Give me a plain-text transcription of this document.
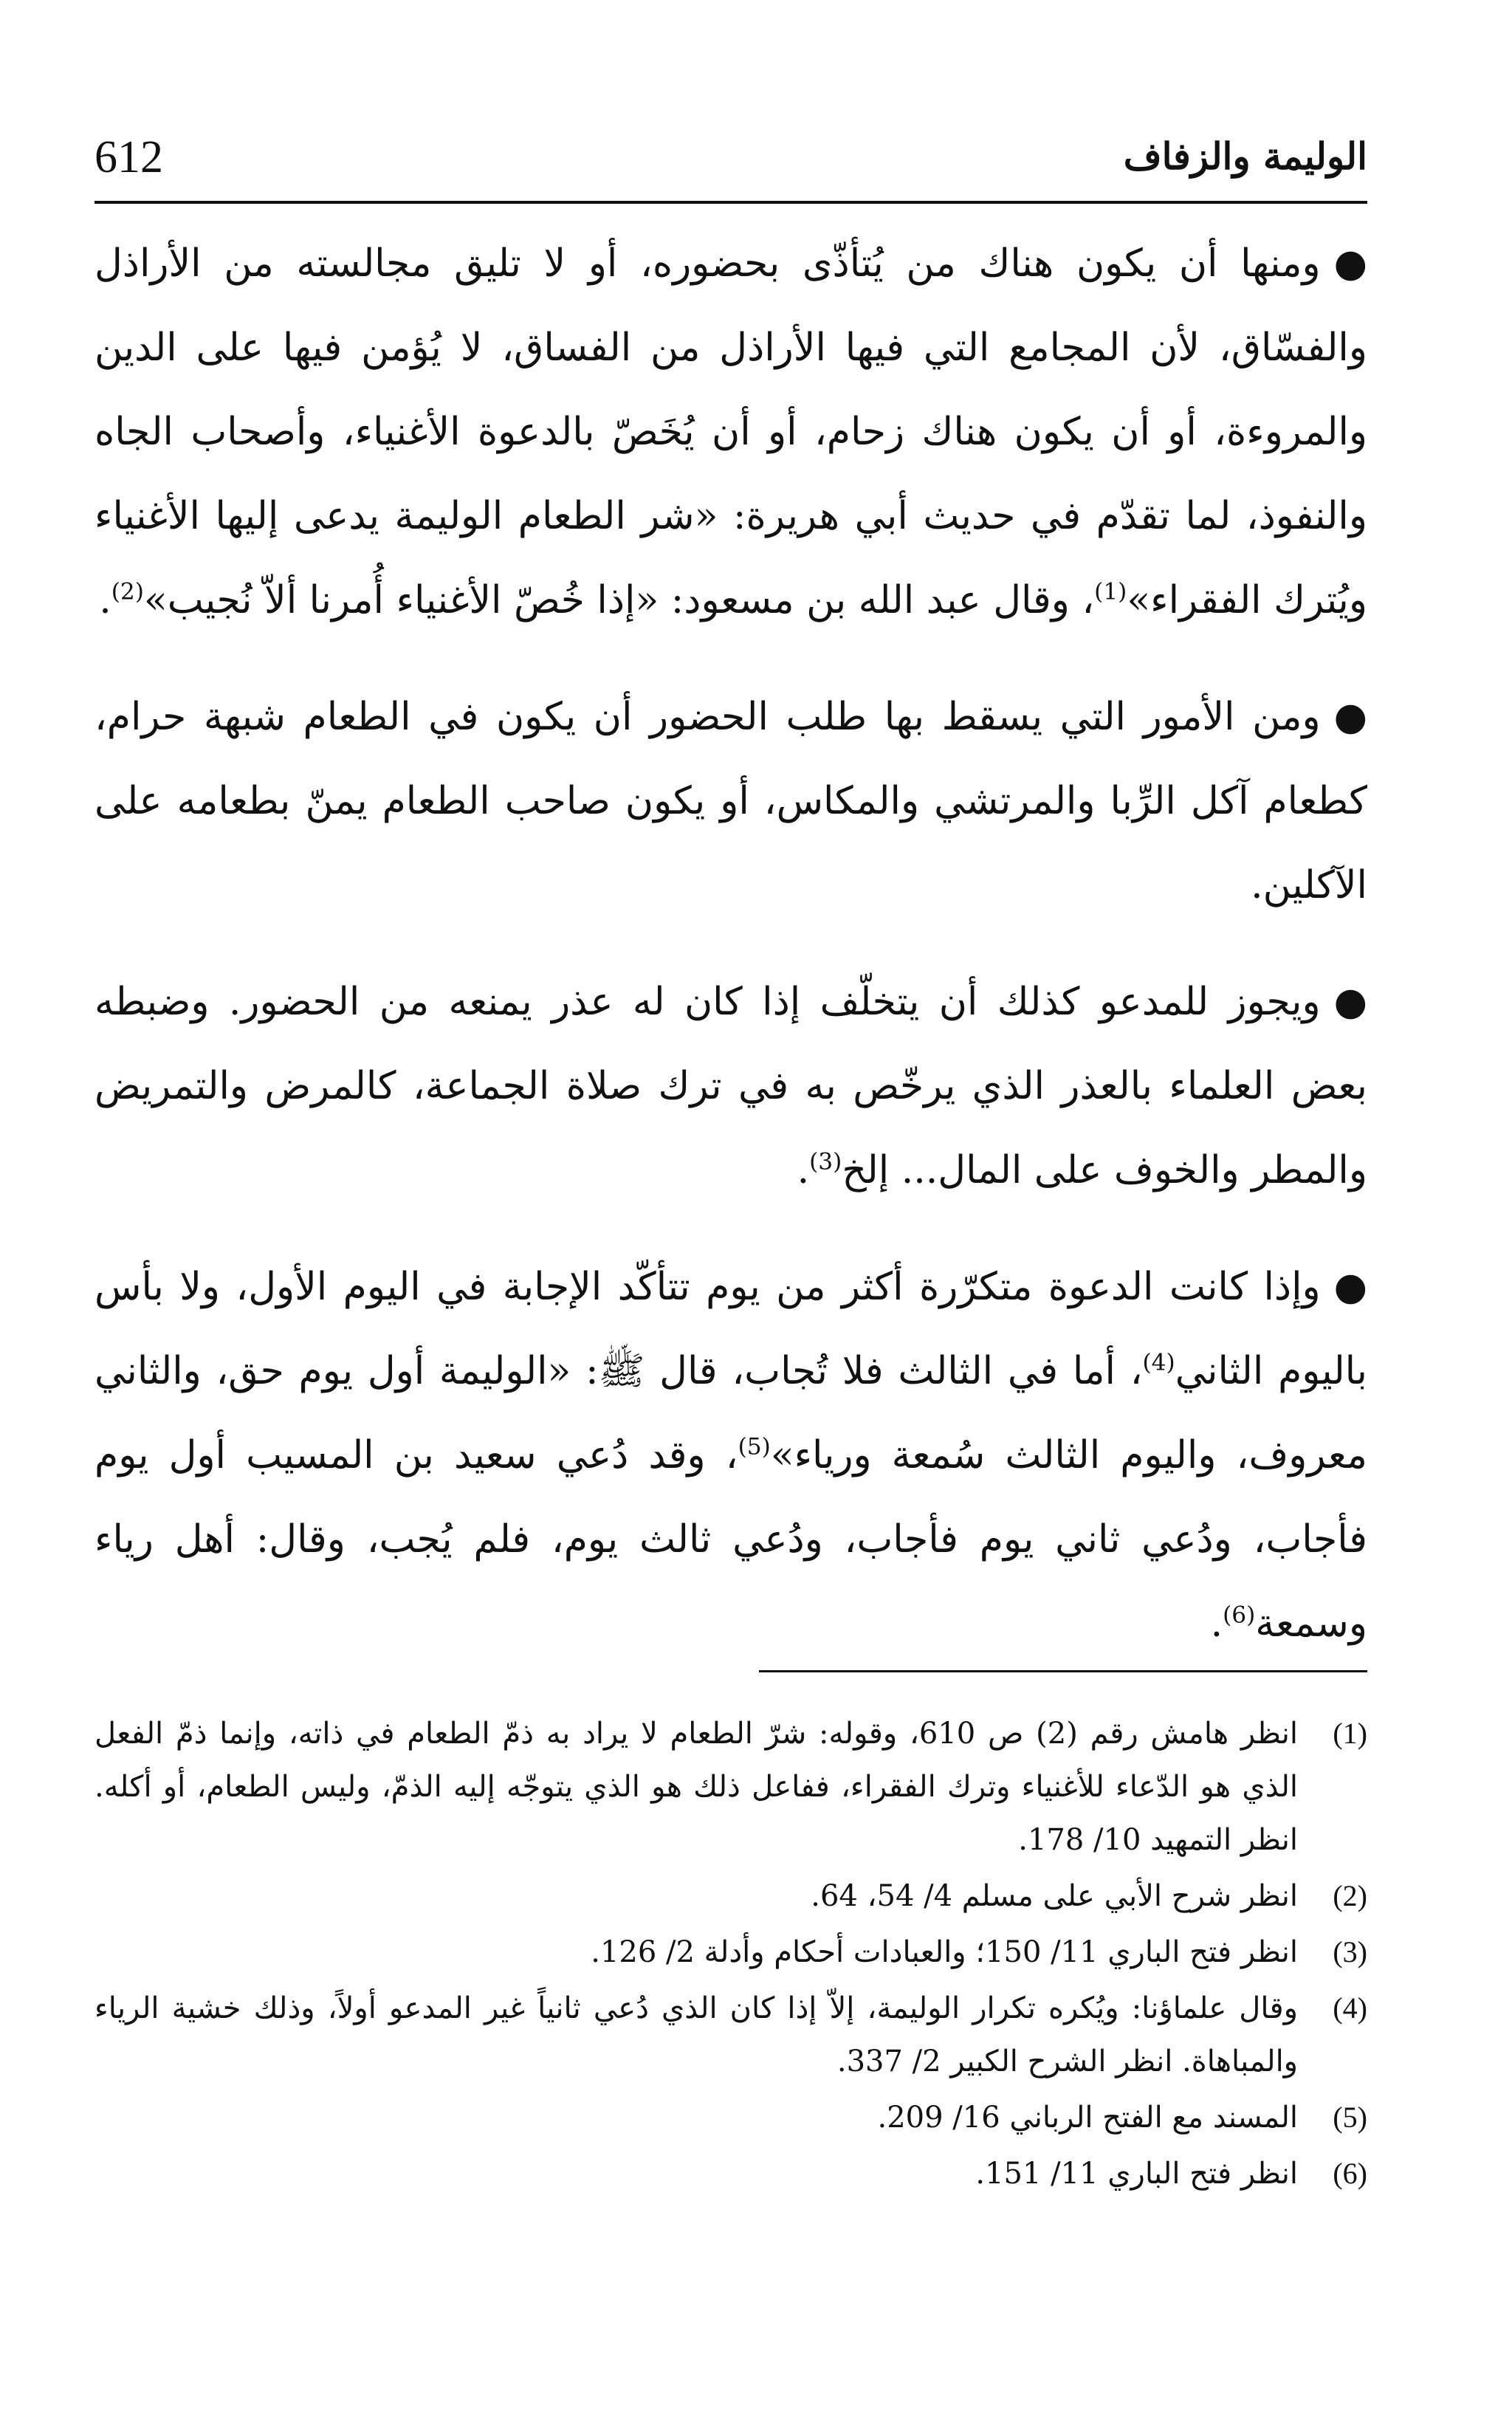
612	الوليمة والزفاف

●ومنها أن يكون هناك من يُتأذّى بحضوره، أو لا تليق مجالسته من الأراذل والفسّاق، لأن المجامع التي فيها الأراذل من الفساق، لا يُؤمن فيها على الدين والمروءة، أو أن يكون هناك زحام، أو أن يُخَصّ بالدعوة الأغنياء، وأصحاب الجاه والنفوذ، لما تقدّم في حديث أبي هريرة: «شر الطعام الوليمة يدعى إليها الأغنياء ويُترك الفقراء»$^{(1)}$، وقال عبد الله بن مسعود: «إذا خُصّ الأغنياء أُمرنا ألاّ نُجيب»$^{(2)}$.

●ومن الأمور التي يسقط بها طلب الحضور أن يكون في الطعام شبهة حرام، كطعام آكل الرِّبا والمرتشي والمكاس، أو يكون صاحب الطعام يمنّ بطعامه على الآكلين.

●ويجوز للمدعو كذلك أن يتخلّف إذا كان له عذر يمنعه من الحضور. وضبطه بعض العلماء بالعذر الذي يرخّص به في ترك صلاة الجماعة، كالمرض والتمريض والمطر والخوف على المال... إلخ$^{(3)}$.

●وإذا كانت الدعوة متكرّرة أكثر من يوم تتأكّد الإجابة في اليوم الأول، ولا بأس باليوم الثاني$^{(4)}$، أما في الثالث فلا تُجاب، قال ﷺ: «الوليمة أول يوم حق، والثاني معروف، واليوم الثالث سُمعة ورياء»$^{(5)}$، وقد دُعي سعيد بن المسيب أول يوم فأجاب، ودُعي ثاني يوم فأجاب، ودُعي ثالث يوم، فلم يُجب، وقال: أهل رياء وسمعة$^{(6)}$.

(1)
انظر هامش رقم (2) ص 610، وقوله: شرّ الطعام لا يراد به ذمّ الطعام في ذاته، وإنما ذمّ الفعل الذي هو الدّعاء للأغنياء وترك الفقراء، ففاعل ذلك هو الذي يتوجّه إليه الذمّ، وليس الطعام، أو أكله. انظر التمهيد 10/ 178.
(2)
انظر شرح الأبي على مسلم 4/ 54، 64.
(3)
انظر فتح الباري 11/ 150؛ والعبادات أحكام وأدلة 2/ 126.
(4)
وقال علماؤنا: ويُكره تكرار الوليمة، إلاّ إذا كان الذي دُعي ثانياً غير المدعو أولاً، وذلك خشية الرياء والمباهاة. انظر الشرح الكبير 2/ 337.
(5)
المسند مع الفتح الرباني 16/ 209.
(6)
انظر فتح الباري 11/ 151.
